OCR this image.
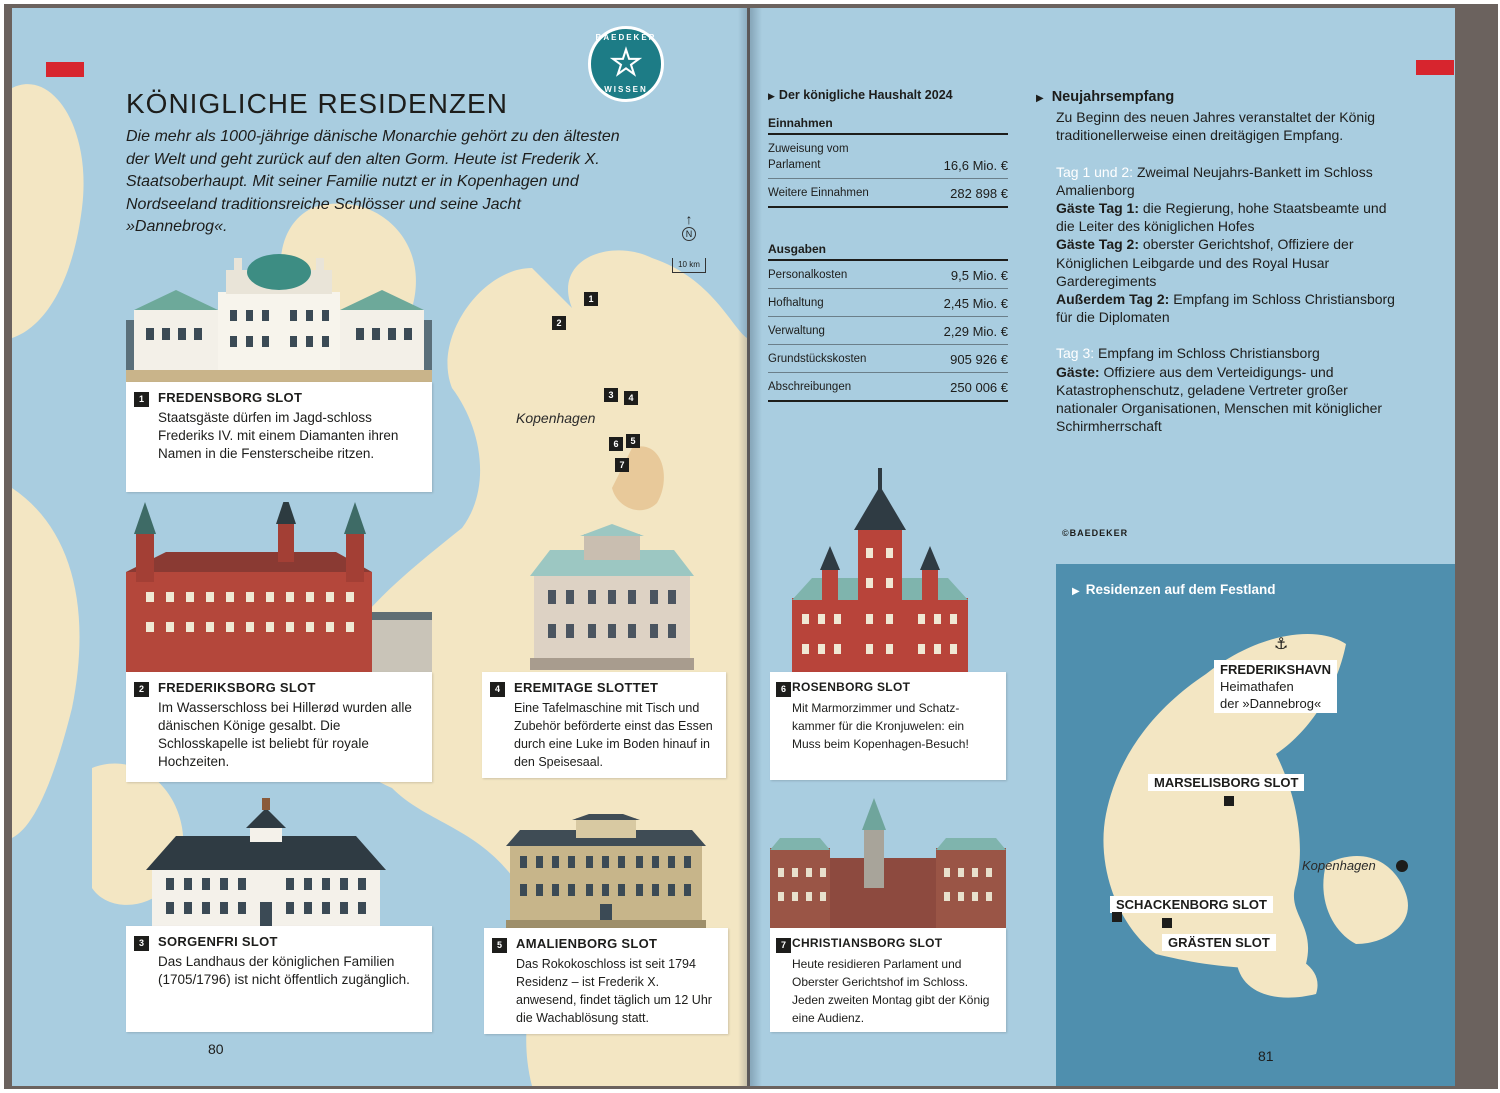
KÖNIGLICHE RESIDENZEN
Die mehr als 1000-jährige dänische Monarchie gehört zu den ältesten der Welt und geht zurück auf den alten Gorm. Heute ist Frederik X. Staatsoberhaupt. Mit seiner Familie nutzt er in Kopenhagen und Nordseeland traditionsreiche Schlösser und seine Jacht »Dannebrog«.
BAEDEKER
★
WISSEN
↑
N
10 km
1
2
3	4
5
6
7
Kopenhagen
1	FREDENSBORG SLOT
Staatsgäste dürfen im Jagd-schloss Frederiks IV. mit einem Diamanten ihren Namen in die Fensterscheibe ritzen.
2	FREDERIKSBORG SLOT
Im Wasserschloss bei Hillerød wurden alle dänischen Könige gesalbt. Die Schlosskapelle ist beliebt für royale Hochzeiten.
3	SORGENFRI SLOT
Das Landhaus der königlichen Familien (1705/1796) ist nicht öffentlich zugänglich.
4	EREMITAGE SLOTTET
Eine Tafelmaschine mit Tisch und Zubehör beförderte einst das Essen durch eine Luke im Boden hinauf in den Speisesaal.
5	AMALIENBORG SLOT
Das Rokokoschloss ist seit 1794 Residenz – ist Frederik X. anwesend, findet täglich um 12 Uhr die Wachablösung statt.
80
▶ Der königliche Haushalt 2024
Einnahmen
Zuweisung vom Parlament	16,6 Mio. €
Weitere Einnahmen	282 898 €
Ausgaben
Personalkosten	9,5 Mio. €
Hofhaltung	2,45 Mio. €
Verwaltung	2,29 Mio. €
Grundstückskosten	905 926 €
Abschreibungen	250 006 €
▶ Neujahrsempfang

Zu Beginn des neuen Jahres veranstaltet der König traditionellerweise einen dreitägigen Empfang.

Tag 1 und 2: Zweimal Neujahrs-Bankett im Schloss Amalienborg
Gäste Tag 1: die Regierung, hohe Staatsbeamte und die Leiter des königlichen Hofes
Gäste Tag 2: oberster Gerichtshof, Offiziere der Königlichen Leibgarde und des Royal Husar Garderegiments
Außerdem Tag 2: Empfang im Schloss Christiansborg für die Diplomaten

Tag 3: Empfang im Schloss Christiansborg
Gäste: Offiziere aus dem Verteidigungs- und Katastrophenschutz, geladene Vertreter großer nationaler Organisationen, Menschen mit königlicher Schirmherrschaft

©BAEDEKER
6 ROSENBORG SLOT
Mit Marmorzimmer und Schatz-kammer für die Kronjuwelen: ein Muss beim Kopenhagen-Besuch!
7 CHRISTIANSBORG SLOT
Heute residieren Parlament und Oberster Gerichtshof im Schloss. Jeden zweiten Montag gibt der König eine Audienz.
▶ Residenzen auf dem Festland
⚓
FREDERIKSHAVN
Heimathafen
der »Dannebrog«
MARSELISBORG SLOT
Kopenhagen
SCHACKENBORG SLOT
GRÄSTEN SLOT
81
